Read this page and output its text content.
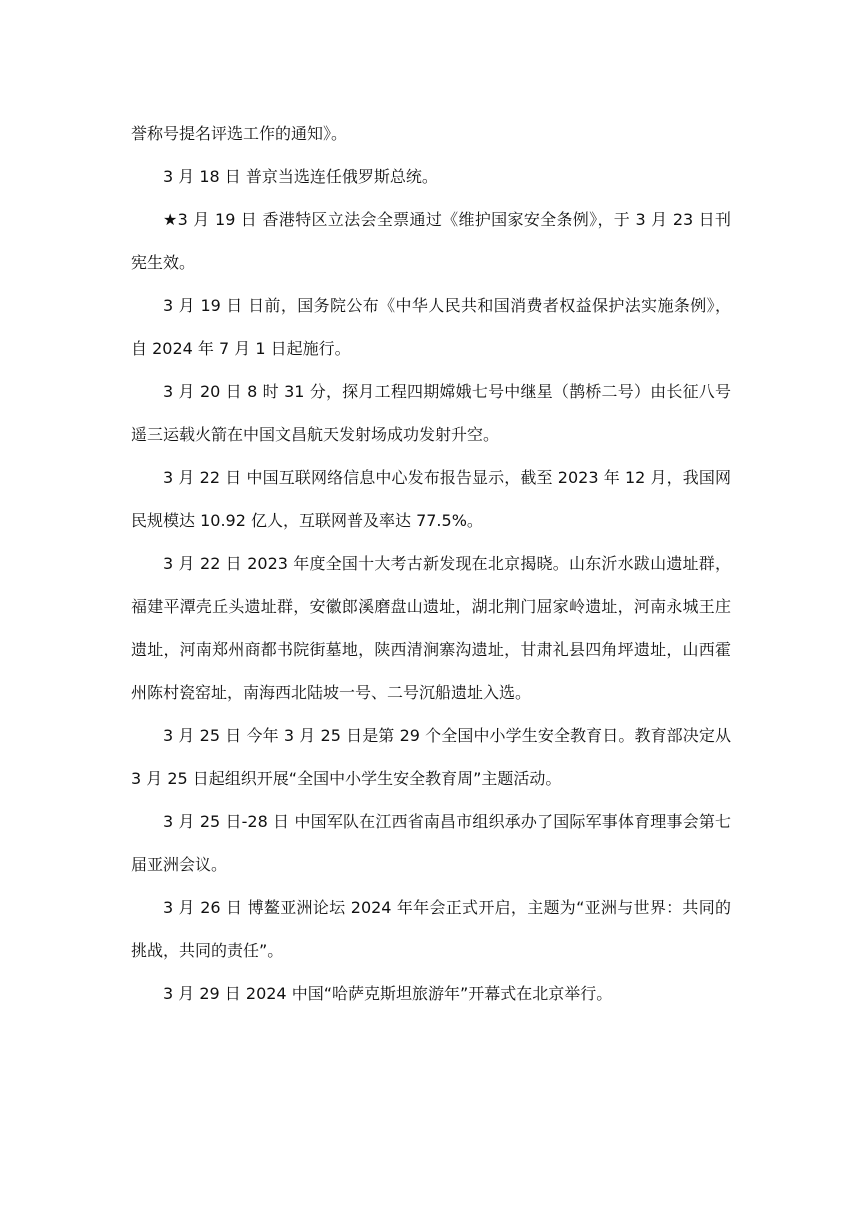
誉称号提名评选工作的通知》。

3 月 18 日 普京当选连任俄罗斯总统。

★3 月 19 日 香港特区立法会全票通过《维护国家安全条例》，于 3 月 23 日刊宪生效。

3 月 19 日 日前，国务院公布《中华人民共和国消费者权益保护法实施条例》，自 2024 年 7 月 1 日起施行。

3 月 20 日 8 时 31 分，探月工程四期嫦娥七号中继星（鹊桥二号）由长征八号遥三运载火箭在中国文昌航天发射场成功发射升空。

3 月 22 日 中国互联网络信息中心发布报告显示，截至 2023 年 12 月，我国网民规模达 10.92 亿人，互联网普及率达 77.5%。

3 月 22 日 2023 年度全国十大考古新发现在北京揭晓。山东沂水跋山遗址群，福建平潭壳丘头遗址群，安徽郎溪磨盘山遗址，湖北荆门屈家岭遗址，河南永城王庄遗址，河南郑州商都书院街墓地，陕西清涧寨沟遗址，甘肃礼县四角坪遗址，山西霍州陈村瓷窑址，南海西北陆坡一号、二号沉船遗址入选。

3 月 25 日 今年 3 月 25 日是第 29 个全国中小学生安全教育日。教育部决定从 3 月 25 日起组织开展“全国中小学生安全教育周”主题活动。

3 月 25 日-28 日 中国军队在江西省南昌市组织承办了国际军事体育理事会第七届亚洲会议。

3 月 26 日 博鳌亚洲论坛 2024 年年会正式开启，主题为“亚洲与世界：共同的挑战，共同的责任”。

3 月 29 日 2024 中国“哈萨克斯坦旅游年”开幕式在北京举行。
